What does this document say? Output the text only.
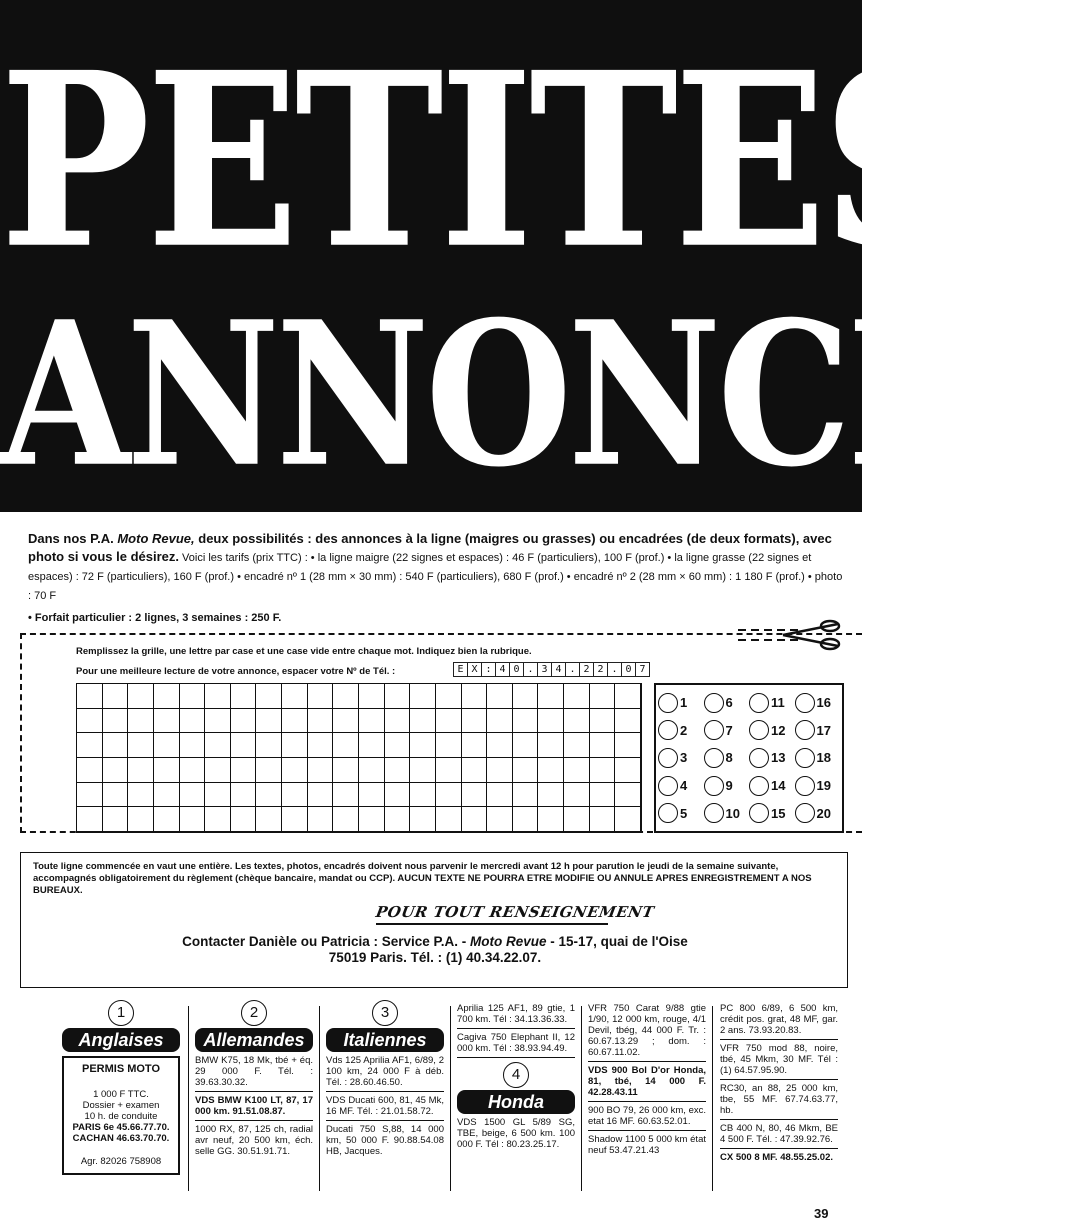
PETITES
ANNONCES
Dans nos P.A. Moto Revue, deux possibilités : des annonces à la ligne (maigres ou grasses) ou encadrées (de deux formats), avec photo si vous le désirez. Voici les tarifs (prix TTC) : • la ligne maigre (22 signes et espaces) : 46 F (particuliers), 100 F (prof.) • la ligne grasse (22 signes et espaces) : 72 F (particuliers), 160 F (prof.) • encadré nº 1 (28 mm × 30 mm) : 540 F (particuliers), 680 F (prof.) • encadré nº 2 (28 mm × 60 mm) : 1 180 F (prof.) • photo : 70 F
• Forfait particulier : 2 lignes, 3 semaines : 250 F.
Remplissez la grille, une lettre par case et une case vide entre chaque mot. Indiquez bien la rubrique.
Pour une meilleure lecture de votre annonce, espacer votre Nº de Tél. :	E X : 4 0 . 3 4 . 2 2 . 0 7
1	6	11 16
2	7	12 17
3	8	13 18
4	9	14 19
5	10 15 20
Toute ligne commencée en vaut une entière. Les textes, photos, encadrés doivent nous parvenir le mercredi avant 12 h pour parution le jeudi de la semaine suivante, accompagnés obligatoirement du règlement (chèque bancaire, mandat ou CCP). AUCUN TEXTE NE POURRA ETRE MODIFIE OU ANNULE APRES ENREGISTREMENT A NOS BUREAUX.
POUR TOUT RENSEIGNEMENT
Contacter Danièle ou Patricia : Service P.A. - Moto Revue - 15-17, quai de l'Oise
75019 Paris. Tél. : (1) 40.34.22.07.
1
Anglaises
PERMIS MOTO
1 000 F TTC.
Dossier + examen
10 h. de conduite
PARIS 6e 45.66.77.70.
CACHAN 46.63.70.70.
Agr. 82026 758908
2
Allemandes
BMW K75, 18 Mk, tbé + éq. 29 000 F. Tél. : 39.63.30.32.
VDS BMW K100 LT, 87, 17 000 km. 91.51.08.87.
1000 RX, 87, 125 ch, radial avr neuf, 20 500 km, éch. selle GG. 30.51.91.71.
3
Italiennes
Vds 125 Aprilia AF1, 6/89, 2 100 km, 24 000 F à déb. Tél. : 28.60.46.50.
VDS Ducati 600, 81, 45 Mk, 16 MF. Tél. : 21.01.58.72.
Ducati 750 S,88, 14 000 km, 50 000 F. 90.88.54.08 HB, Jacques.
Aprilia 125 AF1, 89 gtie, 1 700 km. Tél : 34.13.36.33.
Cagiva 750 Elephant II, 12 000 km. Tél : 38.93.94.49.
4
Honda
VDS 1500 GL 5/89 SG, TBE, beige, 6 500 km. 100 000 F. Tél : 80.23.25.17.
VFR 750 Carat 9/88 gtie 1/90, 12 000 km, rouge, 4/1 Devil, tbég, 44 000 F. Tr. : 60.67.13.29 ; dom. : 60.67.11.02.
VDS 900 Bol D'or Honda, 81, tbé, 14 000 F. 42.28.43.11
900 BO 79, 26 000 km, exc. etat 16 MF. 60.63.52.01.
Shadow 1100 5 000 km état neuf 53.47.21.43
PC 800 6/89, 6 500 km, crédit pos. grat, 48 MF, gar. 2 ans. 73.93.20.83.
VFR 750 mod 88, noire, tbé, 45 Mkm, 30 MF. Tél : (1) 64.57.95.90.
RC30, an 88, 25 000 km, tbe, 55 MF. 67.74.63.77, hb.
CB 400 N, 80, 46 Mkm, BE 4 500 F. Tél. : 47.39.92.76.
CX 500 8 MF. 48.55.25.02.
39
